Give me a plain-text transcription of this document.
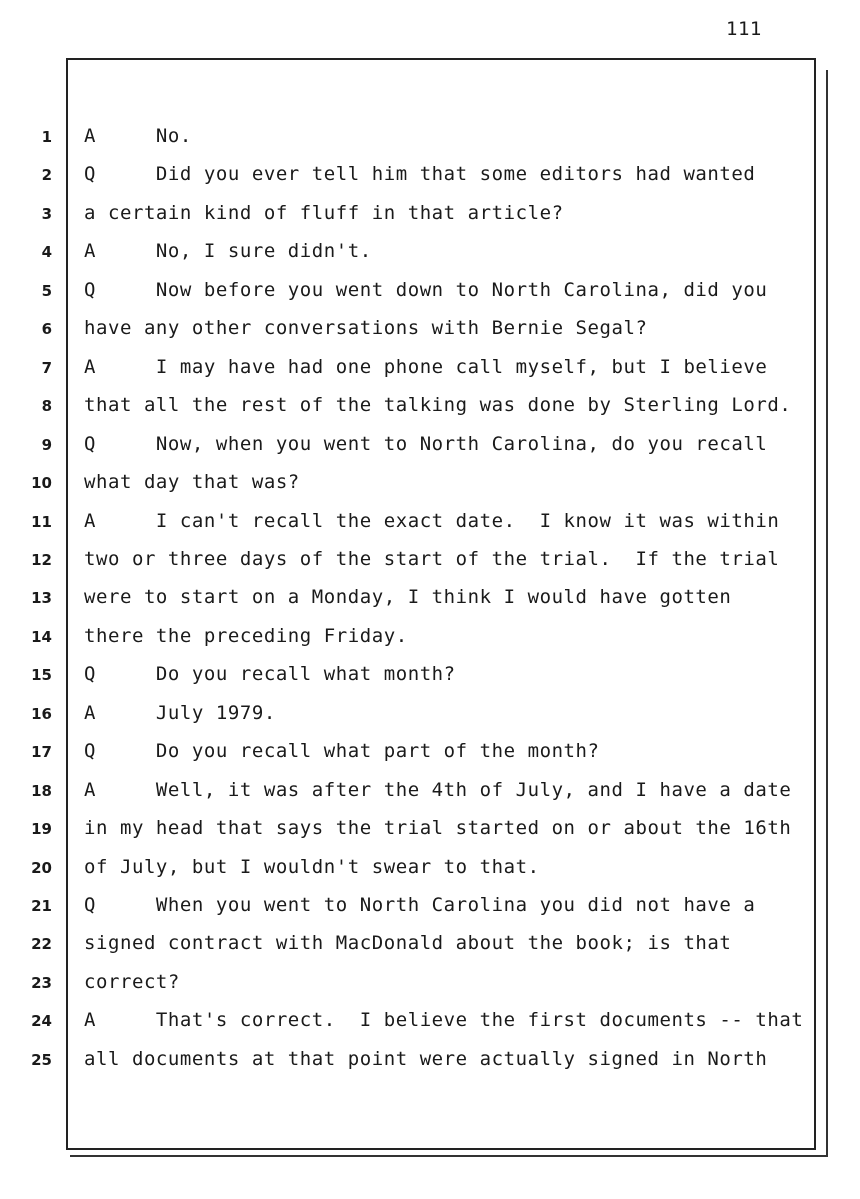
111
1 A     No.
2 Q     Did you ever tell him that some editors had wanted
3 a certain kind of fluff in that article?
4 A     No, I sure didn't.
5 Q     Now before you went down to North Carolina, did you
6 have any other conversations with Bernie Segal?
7 A     I may have had one phone call myself, but I believe
8 that all the rest of the talking was done by Sterling Lord.
9 Q     Now, when you went to North Carolina, do you recall
10 what day that was?
11 A     I can't recall the exact date.  I know it was within
12 two or three days of the start of the trial.  If the trial
13 were to start on a Monday, I think I would have gotten
14 there the preceding Friday.
15 Q     Do you recall what month?
16 A     July 1979.
17 Q     Do you recall what part of the month?
18 A     Well, it was after the 4th of July, and I have a date
19 in my head that says the trial started on or about the 16th
20 of July, but I wouldn't swear to that.
21 Q     When you went to North Carolina you did not have a
22 signed contract with MacDonald about the book; is that
23 correct?
24 A     That's correct.  I believe the first documents -- that
25 all documents at that point were actually signed in North
